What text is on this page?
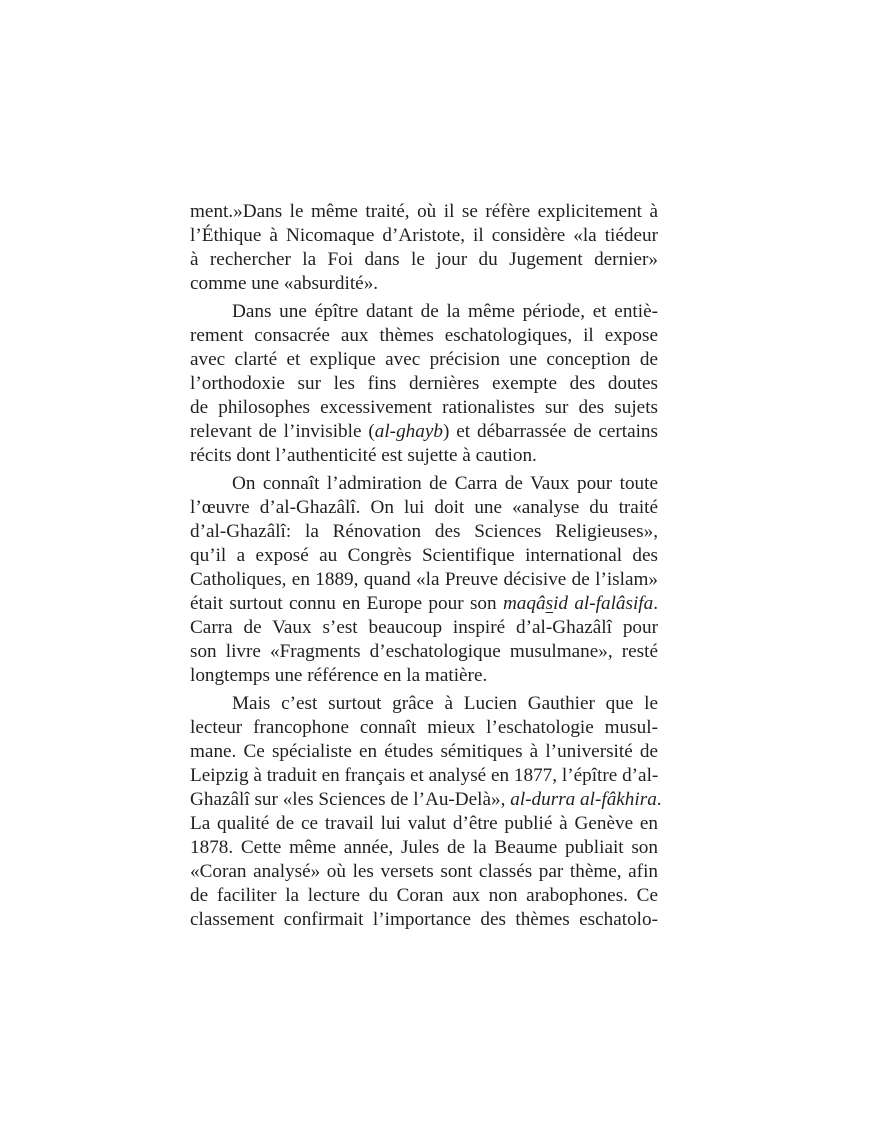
ment.»Dans le même traité, où il se réfère explicitement à
l’Éthique à Nicomaque d’Aristote, il considère «la tiédeur
à rechercher la Foi dans le jour du Jugement dernier»
comme une «absurdité».
Dans une épître datant de la même période, et entiè-
rement consacrée aux thèmes eschatologiques, il expose
avec clarté et explique avec précision une conception de
l’orthodoxie sur les fins dernières exempte des doutes
de philosophes excessivement rationalistes sur des sujets
relevant de l’invisible (al-ghayb) et débarrassée de certains
récits dont l’authenticité est sujette à caution.
On connaît l’admiration de Carra de Vaux pour toute
l’œuvre d’al-Ghazâlî. On lui doit une «analyse du traité
d’al-Ghazâlî: la Rénovation des Sciences Religieuses»,
qu’il a exposé au Congrès Scientifique international des
Catholiques, en 1889, quand «la Preuve décisive de l’islam»
était surtout connu en Europe pour son maqâsid al-falâsifa.
Carra de Vaux s’est beaucoup inspiré d’al-Ghazâlî pour
son livre «Fragments d’eschatologique musulmane», resté
longtemps une référence en la matière.
Mais c’est surtout grâce à Lucien Gauthier que le
lecteur francophone connaît mieux l’eschatologie musul-
mane. Ce spécialiste en études sémitiques à l’université de
Leipzig à traduit en français et analysé en 1877, l’épître d’al-
Ghazâlî sur «les Sciences de l’Au-Delà», al-durra al-fâkhira.
La qualité de ce travail lui valut d’être publié à Genève en
1878. Cette même année, Jules de la Beaume publiait son
«Coran analysé» où les versets sont classés par thème, afin
de faciliter la lecture du Coran aux non arabophones. Ce
classement confirmait l’importance des thèmes eschatolo-
